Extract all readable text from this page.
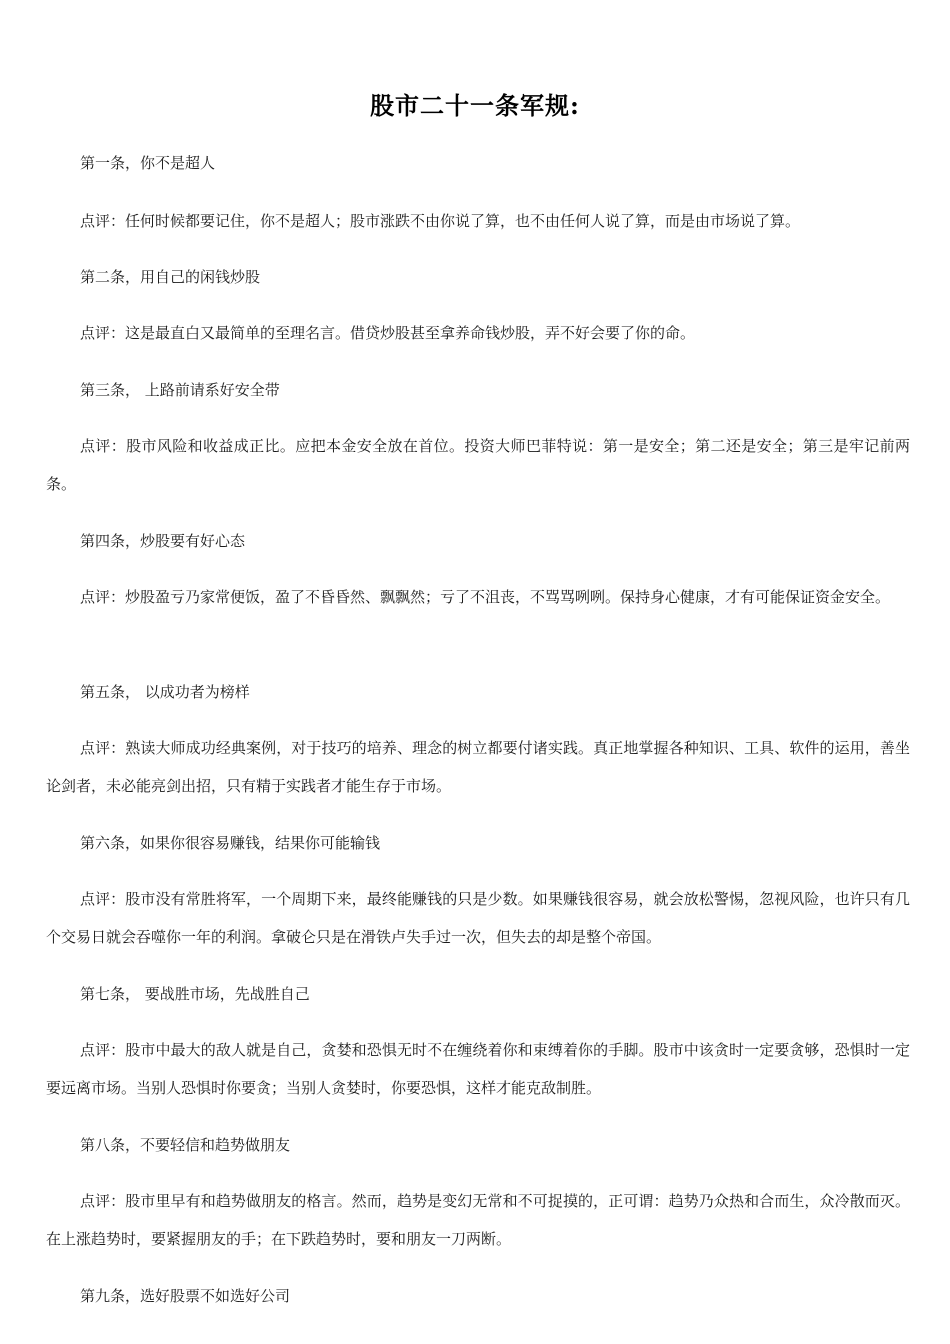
股市二十一条军规:
第一条，你不是超人
点评：任何时候都要记住，你不是超人；股市涨跌不由你说了算，也不由任何人说了算，而是由市场说了算。
第二条，用自己的闲钱炒股
点评：这是最直白又最简单的至理名言。借贷炒股甚至拿养命钱炒股，弄不好会要了你的命。
第三条， 上路前请系好安全带
点评：股市风险和收益成正比。应把本金安全放在首位。投资大师巴菲特说：第一是安全；第二还是安全；第三是牢记前两条。
第四条，炒股要有好心态
点评：炒股盈亏乃家常便饭，盈了不昏昏然、飘飘然；亏了不沮丧，不骂骂咧咧。保持身心健康，才有可能保证资金安全。
第五条， 以成功者为榜样
点评：熟读大师成功经典案例，对于技巧的培养、理念的树立都要付诸实践。真正地掌握各种知识、工具、软件的运用，善坐论剑者，未必能亮剑出招，只有精于实践者才能生存于市场。
第六条，如果你很容易赚钱，结果你可能输钱
点评：股市没有常胜将军，一个周期下来，最终能赚钱的只是少数。如果赚钱很容易，就会放松警惕，忽视风险，也许只有几个交易日就会吞噬你一年的利润。拿破仑只是在滑铁卢失手过一次，但失去的却是整个帝国。
第七条， 要战胜市场，先战胜自己
点评：股市中最大的敌人就是自己，贪婪和恐惧无时不在缠绕着你和束缚着你的手脚。股市中该贪时一定要贪够，恐惧时一定要远离市场。当别人恐惧时你要贪；当别人贪婪时，你要恐惧，这样才能克敌制胜。
第八条，不要轻信和趋势做朋友
点评：股市里早有和趋势做朋友的格言。然而，趋势是变幻无常和不可捉摸的，正可谓：趋势乃众热和合而生，众冷散而灭。在上涨趋势时，要紧握朋友的手；在下跌趋势时，要和朋友一刀两断。
第九条，选好股票不如选好公司
